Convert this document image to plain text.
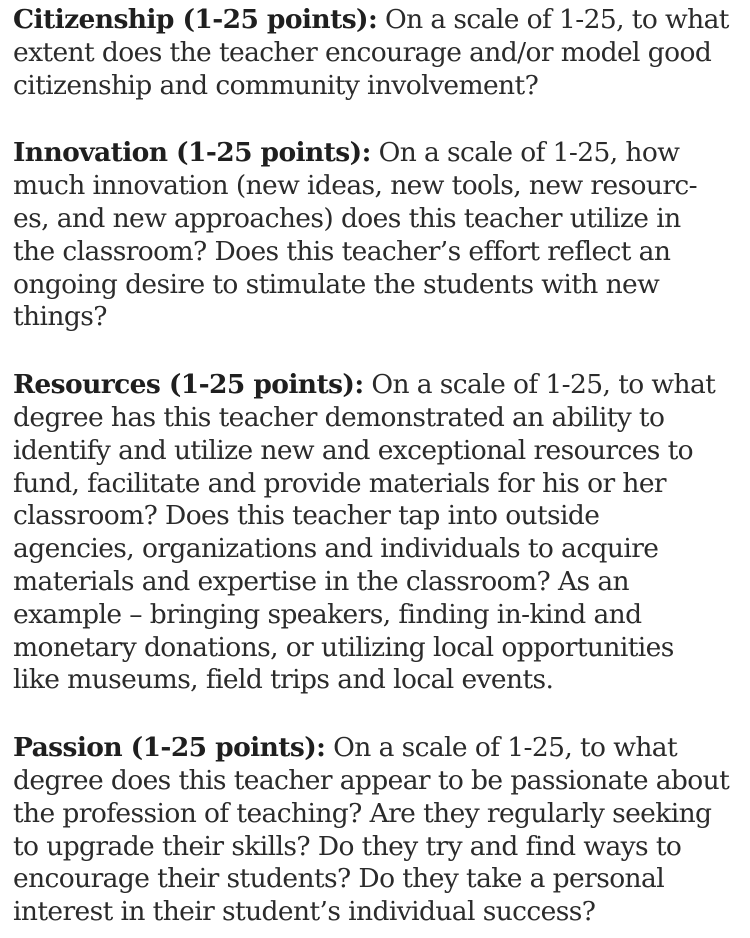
Citizenship (1-25 points): On a scale of 1-25, to what
extent does the teacher encourage and/or model good
citizenship and community involvement?
Innovation (1-25 points): On a scale of 1-25, how
much innovation (new ideas, new tools, new resourc-
es, and new approaches) does this teacher utilize in
the classroom? Does this teacher’s effort reflect an
ongoing desire to stimulate the students with new
things?
Resources (1-25 points): On a scale of 1-25, to what
degree has this teacher demonstrated an ability to
identify and utilize new and exceptional resources to
fund, facilitate and provide materials for his or her
classroom? Does this teacher tap into outside
agencies, organizations and individuals to acquire
materials and expertise in the classroom? As an
example – bringing speakers, finding in-kind and
monetary donations, or utilizing local opportunities
like museums, field trips and local events.
Passion (1-25 points): On a scale of 1-25, to what
degree does this teacher appear to be passionate about
the profession of teaching? Are they regularly seeking
to upgrade their skills? Do they try and find ways to
encourage their students? Do they take a personal
interest in their student’s individual success?
